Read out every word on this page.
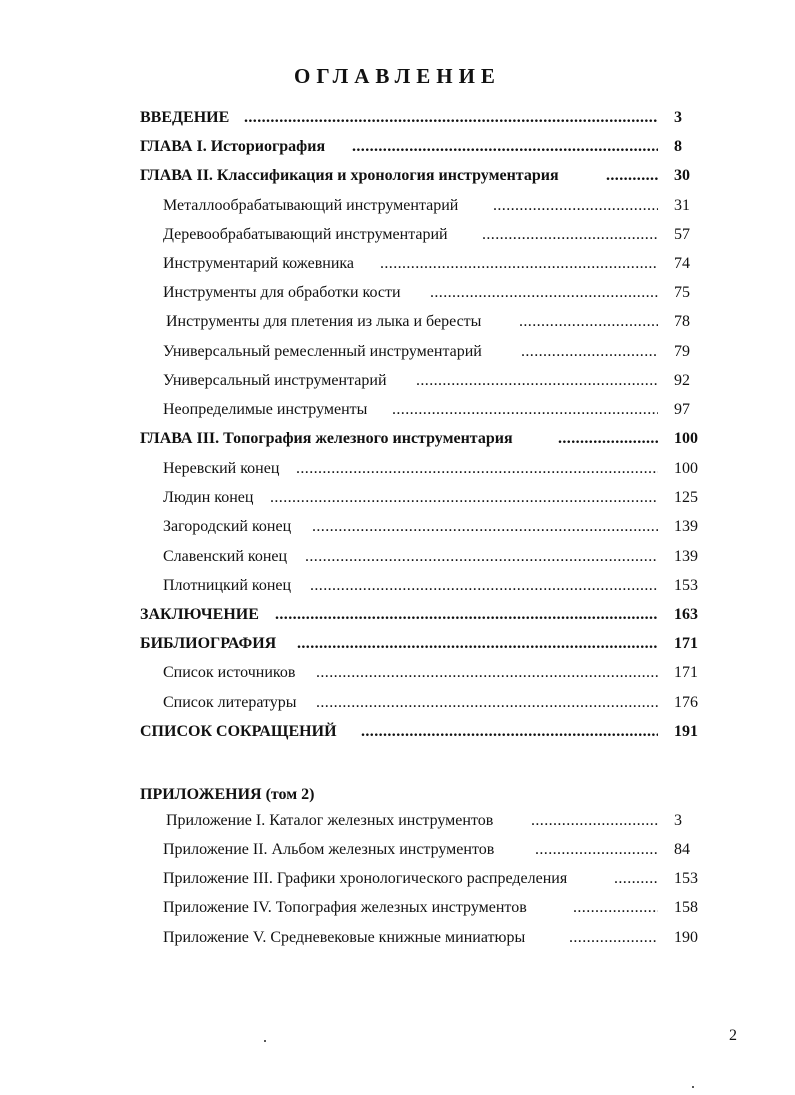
ОГЛАВЛЕНИЕ
ВВЕДЕНИЕ .....	3
ГЛАВА I. Историография .....	8
ГЛАВА II. Классификация и хронология инструментария .....	30
Металлообрабатывающий инструментарий .....	31
Деревообрабатывающий инструментарий .....	57
Инструментарий кожевника .....	74
Инструменты для обработки кости .....	75
Инструменты для плетения из лыка и бересты .....	78
Универсальный ремесленный инструментарий .....	79
Универсальный инструментарий .....	92
Неопределимые инструменты .....	97
ГЛАВА III. Топография железного инструментария .....	100
Неревский конец .....	100
Людин конец .....	125
Загородский конец .....	139
Славенский конец .....	139
Плотницкий конец .....	153
ЗАКЛЮЧЕНИЕ .....	163
БИБЛИОГРАФИЯ .....	171
Список источников .....	171
Список литературы .....	176
СПИСОК СОКРАЩЕНИЙ .....	191
ПРИЛОЖЕНИЯ (том 2)
Приложение I. Каталог железных инструментов .....	3
Приложение II. Альбом железных инструментов .....	84
Приложение III. Графики хронологического распределения .....	153
Приложение IV. Топография железных инструментов .....	158
Приложение V. Средневековые книжные миниатюры .....	190
2
